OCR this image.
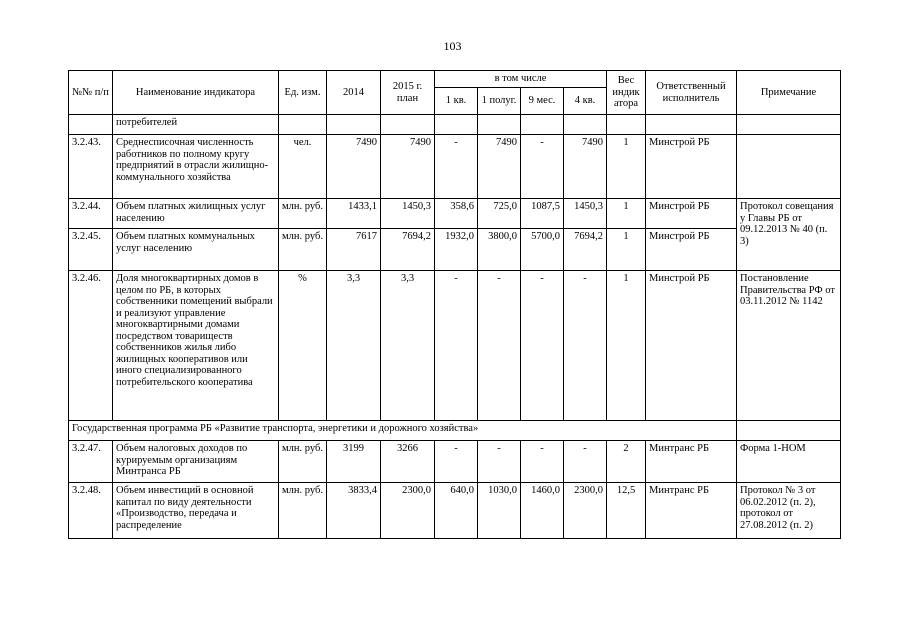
103
№№ п/п	Наименование индикатора	Ед. изм.	2014	2015 г. план	в том числе				Вес индик атора	Ответственный исполнитель	Примечание
					1 кв.	1 полуг.	9 мес.	4 кв.			
	потребителей										
3.2.43.	Среднесписочная численность работников по полному кругу предприятий в отрасли жилищно-коммунального хозяйства	чел.	7490	7490	-	7490	-	7490	1	Минстрой РБ	
3.2.44.	Объем платных жилищных услуг населению	млн. руб.	1433,1	1450,3	358,6	725,0	1087,5	1450,3	1	Минстрой РБ	Протокол совещания у Главы РБ от 09.12.2013 № 40 (п. 3)
3.2.45.	Объем платных коммунальных услуг населению	млн. руб.	7617	7694,2	1932,0	3800,0	5700,0	7694,2	1	Минстрой РБ	
3.2.46.	Доля многоквартирных домов в целом по РБ, в которых собственники помещений выбрали и реализуют управление многоквартирными домами посредством товариществ собственников жилья либо жилищных кооперативов или иного специализированного потребительского кооператива	%	3,3	3,3	-	-	-	-	1	Минстрой РБ	Постановление Правительства РФ от 03.11.2012 № 1142
Государственная программа РБ «Развитие транспорта, энергетики и дорожного хозяйства»											
3.2.47.	Объем налоговых доходов по курируемым организациям Минтранса РБ	млн. руб.	3199	3266	-	-	-	-	2	Минтранс РБ	Форма 1-НОМ
3.2.48.	Объем инвестиций в основной капитал по виду деятельности «Производство, передача и распределение	млн. руб.	3833,4	2300,0	640,0	1030,0	1460,0	2300,0	12,5	Минтранс РБ	Протокол № 3 от 06.02.2012 (п. 2), протокол от 27.08.2012 (п. 2)
